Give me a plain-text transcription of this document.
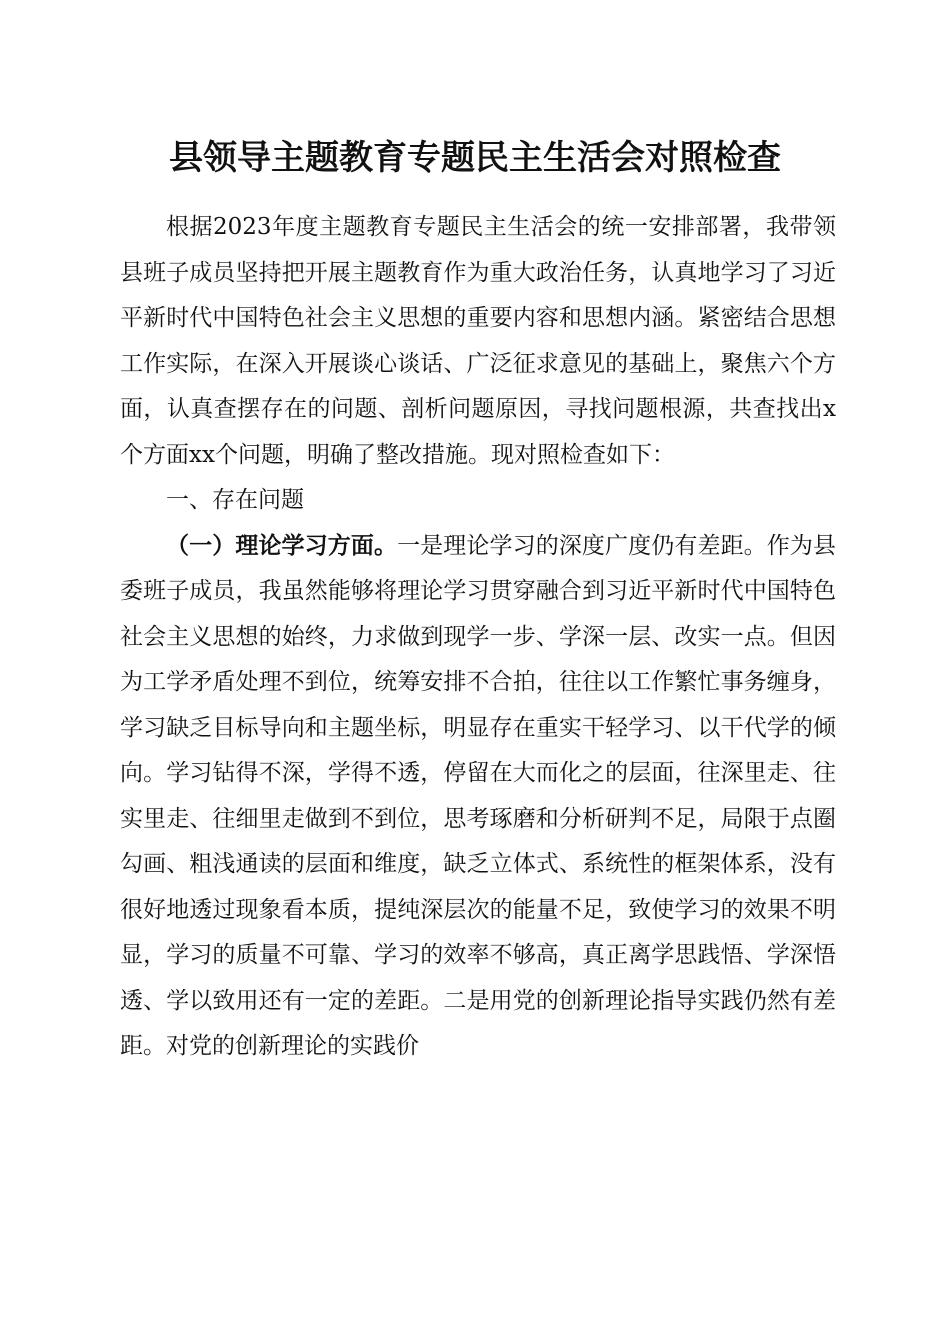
县领导主题教育专题民主生活会对照检查

根据2023年度主题教育专题民主生活会的统一安排部署，我带领县班子成员坚持把开展主题教育作为重大政治任务，认真地学习了习近平新时代中国特色社会主义思想的重要内容和思想内涵。紧密结合思想工作实际，在深入开展谈心谈话、广泛征求意见的基础上，聚焦六个方面，认真查摆存在的问题、剖析问题原因，寻找问题根源，共查找出x个方面xx个问题，明确了整改措施。现对照检查如下：

一、存在问题

（一）理论学习方面。一是理论学习的深度广度仍有差距。作为县委班子成员，我虽然能够将理论学习贯穿融合到习近平新时代中国特色社会主义思想的始终，力求做到现学一步、学深一层、改实一点。但因为工学矛盾处理不到位，统筹安排不合拍，往往以工作繁忙事务缠身，学习缺乏目标导向和主题坐标，明显存在重实干轻学习、以干代学的倾向。学习钻得不深，学得不透，停留在大而化之的层面，往深里走、往实里走、往细里走做到不到位，思考琢磨和分析研判不足，局限于点圈勾画、粗浅通读的层面和维度，缺乏立体式、系统性的框架体系，没有很好地透过现象看本质，提纯深层次的能量不足，致使学习的效果不明显，学习的质量不可靠、学习的效率不够高，真正离学思践悟、学深悟透、学以致用还有一定的差距。二是用党的创新理论指导实践仍然有差距。对党的创新理论的实践价
